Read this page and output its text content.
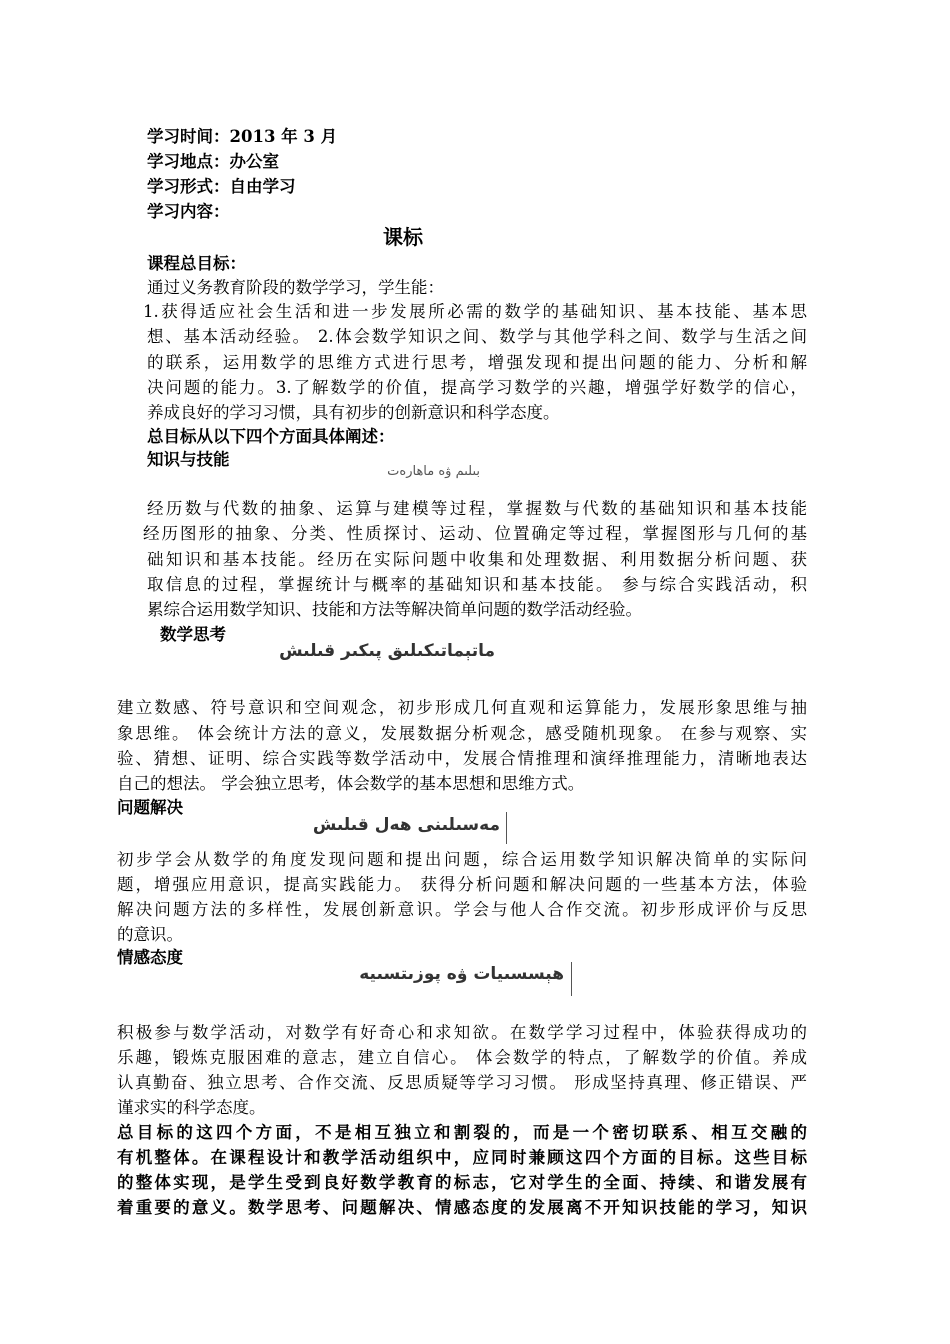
学习时间：2013 年 3 月
学习地点：办公室
学习形式：自由学习
学习内容：
课标
课程总目标：
通过义务教育阶段的数学学习，学生能：
1.获得适应社会生活和进一步发展所必需的数学的基础知识、基本技能、基本思
想、基本活动经验。 2.体会数学知识之间、数学与其他学科之间、数学与生活之间
的联系，运用数学的思维方式进行思考，增强发现和提出问题的能力、分析和解
决问题的能力。3.了解数学的价值，提高学习数学的兴趣，增强学好数学的信心，
养成良好的学习习惯，具有初步的创新意识和科学态度。
总目标从以下四个方面具体阐述：
知识与技能
بىلىم ۋە ماھارەت
经历数与代数的抽象、运算与建模等过程，掌握数与代数的基础知识和基本技能
经历图形的抽象、分类、性质探讨、运动、位置确定等过程，掌握图形与几何的基
础知识和基本技能。经历在实际问题中收集和处理数据、利用数据分析问题、获
取信息的过程，掌握统计与概率的基础知识和基本技能。 参与综合实践活动，积
累综合运用数学知识、技能和方法等解决简单问题的数学活动经验。
数学思考
ماتېماتىكىلىق پىكىر قىلىش
建立数感、符号意识和空间观念，初步形成几何直观和运算能力，发展形象思维与抽
象思维。 体会统计方法的意义，发展数据分析观念，感受随机现象。 在参与观察、实
验、猜想、证明、综合实践等数学活动中，发展合情推理和演绎推理能力，清晰地表达
自己的想法。 学会独立思考，体会数学的基本思想和思维方式。
问题解决
مەسىلىنى ھەل قىلىش
初步学会从数学的角度发现问题和提出问题，综合运用数学知识解决简单的实际问
题，增强应用意识，提高实践能力。 获得分析问题和解决问题的一些基本方法，体验
解决问题方法的多样性，发展创新意识。学会与他人合作交流。初步形成评价与反思
的意识。
情感态度
ھېسسىيات ۋە پوزىتسىيە
积极参与数学活动，对数学有好奇心和求知欲。在数学学习过程中，体验获得成功的
乐趣，锻炼克服困难的意志，建立自信心。 体会数学的特点，了解数学的价值。养成
认真勤奋、独立思考、合作交流、反思质疑等学习习惯。 形成坚持真理、修正错误、严
谨求实的科学态度。
总目标的这四个方面，不是相互独立和割裂的，而是一个密切联系、相互交融的
有机整体。在课程设计和教学活动组织中，应同时兼顾这四个方面的目标。这些目标
的整体实现，是学生受到良好数学教育的标志，它对学生的全面、持续、和谐发展有
着重要的意义。数学思考、问题解决、情感态度的发展离不开知识技能的学习，知识
